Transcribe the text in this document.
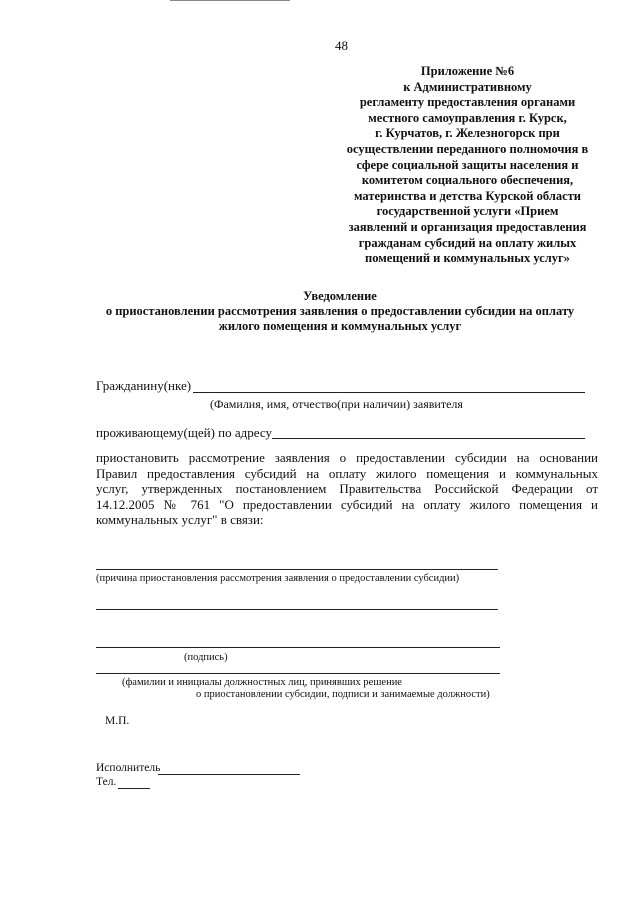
48
Приложение №6
к Административному
регламенту предоставления органами
местного самоуправления г. Курск,
г. Курчатов, г. Железногорск при
осуществлении переданного полномочия в
сфере социальной защиты населения и
комитетом социального обеспечения,
материнства и детства Курской области
государственной услуги «Прием
заявлений и организация предоставления
гражданам субсидий на оплату жилых
помещений и коммунальных услуг»
Уведомление
о приостановлении рассмотрения заявления о предоставлении субсидии на оплату
жилого помещения и коммунальных услуг
Гражданину(нке)
(Фамилия, имя, отчество(при наличии) заявителя
проживающему(щей) по адресу
приостановить рассмотрение заявления о предоставлении субсидии на основании
Правил предоставления субсидий на оплату жилого помещения и коммунальных
услуг, утвержденных постановлением Правительства Российской Федерации от
14.12.2005 № 761 "О предоставлении субсидий на оплату жилого помещения и
коммунальных услуг" в связи:
(причина приостановления рассмотрения заявления о предоставлении субсидии)
(подпись)
(фамилии и инициалы должностных лиц, принявших решение
о приостановлении субсидии, подписи и занимаемые должности)
М.П.
Исполнитель
Тел.
